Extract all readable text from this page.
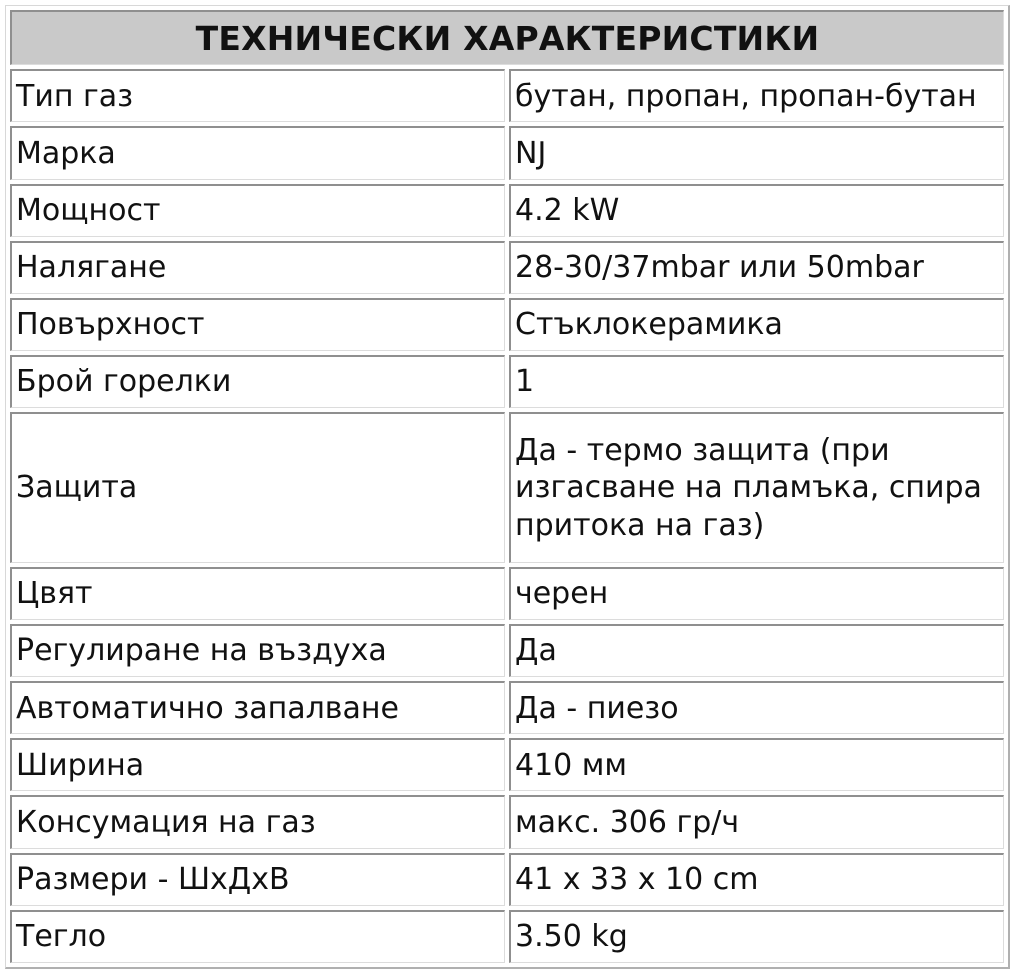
ТЕХНИЧЕСКИ ХАРАКТЕРИСТИКИ	
Тип газ	бутан, пропан, пропан-бутан
Марка	NJ
Мощност	4.2 kW
Налягане	28-30/37mbar или 50mbar
Повърхност	Стъклокерамика
Брой горелки	1
Защита	Да - термо защита (при изгасване на пламъка, спира притока на газ)
Цвят	черен
Регулиране на въздуха	Да
Автоматично запалване	Да - пиезо
Ширина	410 мм
Консумация на газ	макс. 306 гр/ч
Размери - ШхДхВ	41 х 33 х 10 cm
Тегло	3.50 kg
